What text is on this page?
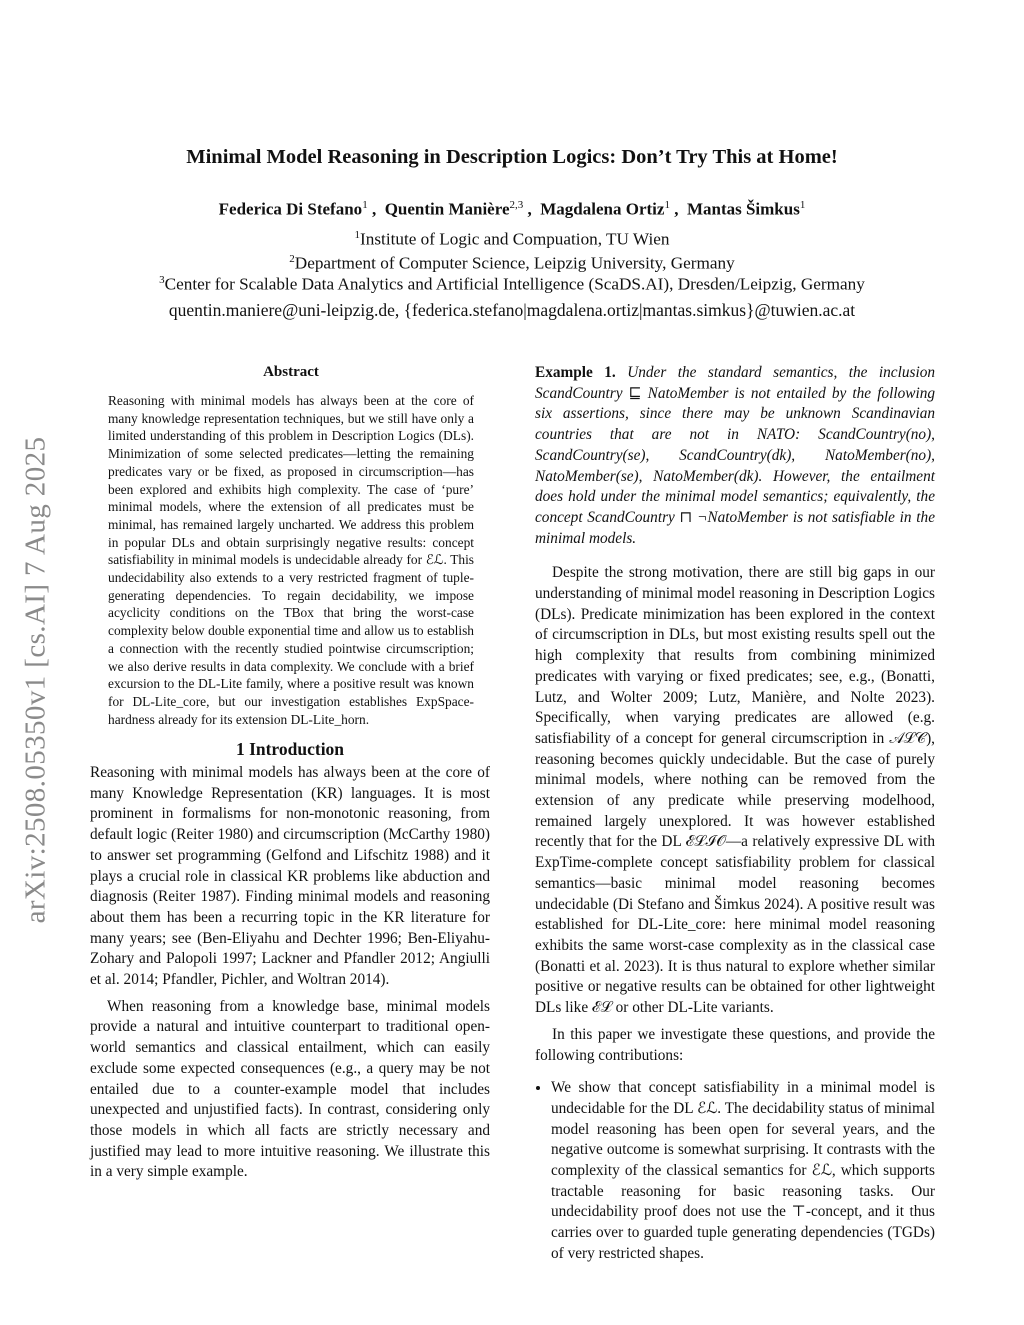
arXiv:2508.05350v1 [cs.AI] 7 Aug 2025
Minimal Model Reasoning in Description Logics: Don’t Try This at Home!
Federica Di Stefano$^1$ ,  Quentin Manière$^{2,3}$ ,  Magdalena Ortiz$^1$ ,  Mantas Šimkus$^1$
$^1$Institute of Logic and Compuation, TU Wien
$^2$Department of Computer Science, Leipzig University, Germany
$^3$Center for Scalable Data Analytics and Artificial Intelligence (ScaDS.AI), Dresden/Leipzig, Germany
quentin.maniere@uni-leipzig.de, {federica.stefano|magdalena.ortiz|mantas.simkus}@tuwien.ac.at
Abstract
Reasoning with minimal models has always been at the core of many knowledge representation techniques, but we still have only a limited understanding of this problem in Description Logics (DLs). Minimization of some selected predicates—letting the remaining predicates vary or be fixed, as proposed in circumscription—has been explored and exhibits high complexity. The case of ‘pure’ minimal models, where the extension of all predicates must be minimal, has remained largely uncharted. We address this problem in popular DLs and obtain surprisingly negative results: concept satisfiability in minimal models is undecidable already for ℰℒ. This undecidability also extends to a very restricted fragment of tuple-generating dependencies. To regain decidability, we impose acyclicity conditions on the TBox that bring the worst-case complexity below double exponential time and allow us to establish a connection with the recently studied pointwise circumscription; we also derive results in data complexity. We conclude with a brief excursion to the DL-Lite family, where a positive result was known for DL-Lite_core, but our investigation establishes ExpSpace-hardness already for its extension DL-Lite_horn.
1 Introduction

Reasoning with minimal models has always been at the core of many Knowledge Representation (KR) languages. It is most prominent in formalisms for non-monotonic reasoning, from default logic (Reiter 1980) and circumscription (McCarthy 1980) to answer set programming (Gelfond and Lifschitz 1988) and it plays a crucial role in classical KR problems like abduction and diagnosis (Reiter 1987). Finding minimal models and reasoning about them has been a recurring topic in the KR literature for many years; see (Ben-Eliyahu and Dechter 1996; Ben-Eliyahu-Zohary and Palopoli 1997; Lackner and Pfandler 2012; Angiulli et al. 2014; Pfandler, Pichler, and Woltran 2014).

When reasoning from a knowledge base, minimal models provide a natural and intuitive counterpart to traditional open-world semantics and classical entailment, which can easily exclude some expected consequences (e.g., a query may be not entailed due to a counter-example model that includes unexpected and unjustified facts). In contrast, considering only those models in which all facts are strictly necessary and justified may lead to more intuitive reasoning. We illustrate this in a very simple example.

Example 1. Under the standard semantics, the inclusion ScandCountry ⊑ NatoMember is not entailed by the following six assertions, since there may be unknown Scandinavian countries that are not in NATO: ScandCountry(no), ScandCountry(se), ScandCountry(dk), NatoMember(no), NatoMember(se), NatoMember(dk). However, the entailment does hold under the minimal model semantics; equivalently, the concept ScandCountry ⊓ ¬NatoMember is not satisfiable in the minimal models.

Despite the strong motivation, there are still big gaps in our understanding of minimal model reasoning in Description Logics (DLs). Predicate minimization has been explored in the context of circumscription in DLs, but most existing results spell out the high complexity that results from combining minimized predicates with varying or fixed predicates; see, e.g., (Bonatti, Lutz, and Wolter 2009; Lutz, Manière, and Nolte 2023). Specifically, when varying predicates are allowed (e.g. satisfiability of a concept for general circumscription in 𝒜ℒ𝒞), reasoning becomes quickly undecidable. But the case of purely minimal models, where nothing can be removed from the extension of any predicate while preserving modelhood, remained largely unexplored. It was however established recently that for the DL ℰℒℐ𝒪—a relatively expressive DL with ExpTime-complete concept satisfiability problem for classical semantics—basic minimal model reasoning becomes undecidable (Di Stefano and Šimkus 2024). A positive result was established for DL-Lite_core: here minimal model reasoning exhibits the same worst-case complexity as in the classical case (Bonatti et al. 2023). It is thus natural to explore whether similar positive or negative results can be obtained for other lightweight DLs like ℰℒ or other DL-Lite variants.

In this paper we investigate these questions, and provide the following contributions:

• We show that concept satisfiability in a minimal model is undecidable for the DL ℰℒ. The decidability status of minimal model reasoning has been open for several years, and the negative outcome is somewhat surprising. It contrasts with the complexity of the classical semantics for ℰℒ, which supports tractable reasoning for basic reasoning tasks. Our undecidability proof does not use the ⊤-concept, and it thus carries over to guarded tuple generating dependencies (TGDs) of very restricted shapes.
